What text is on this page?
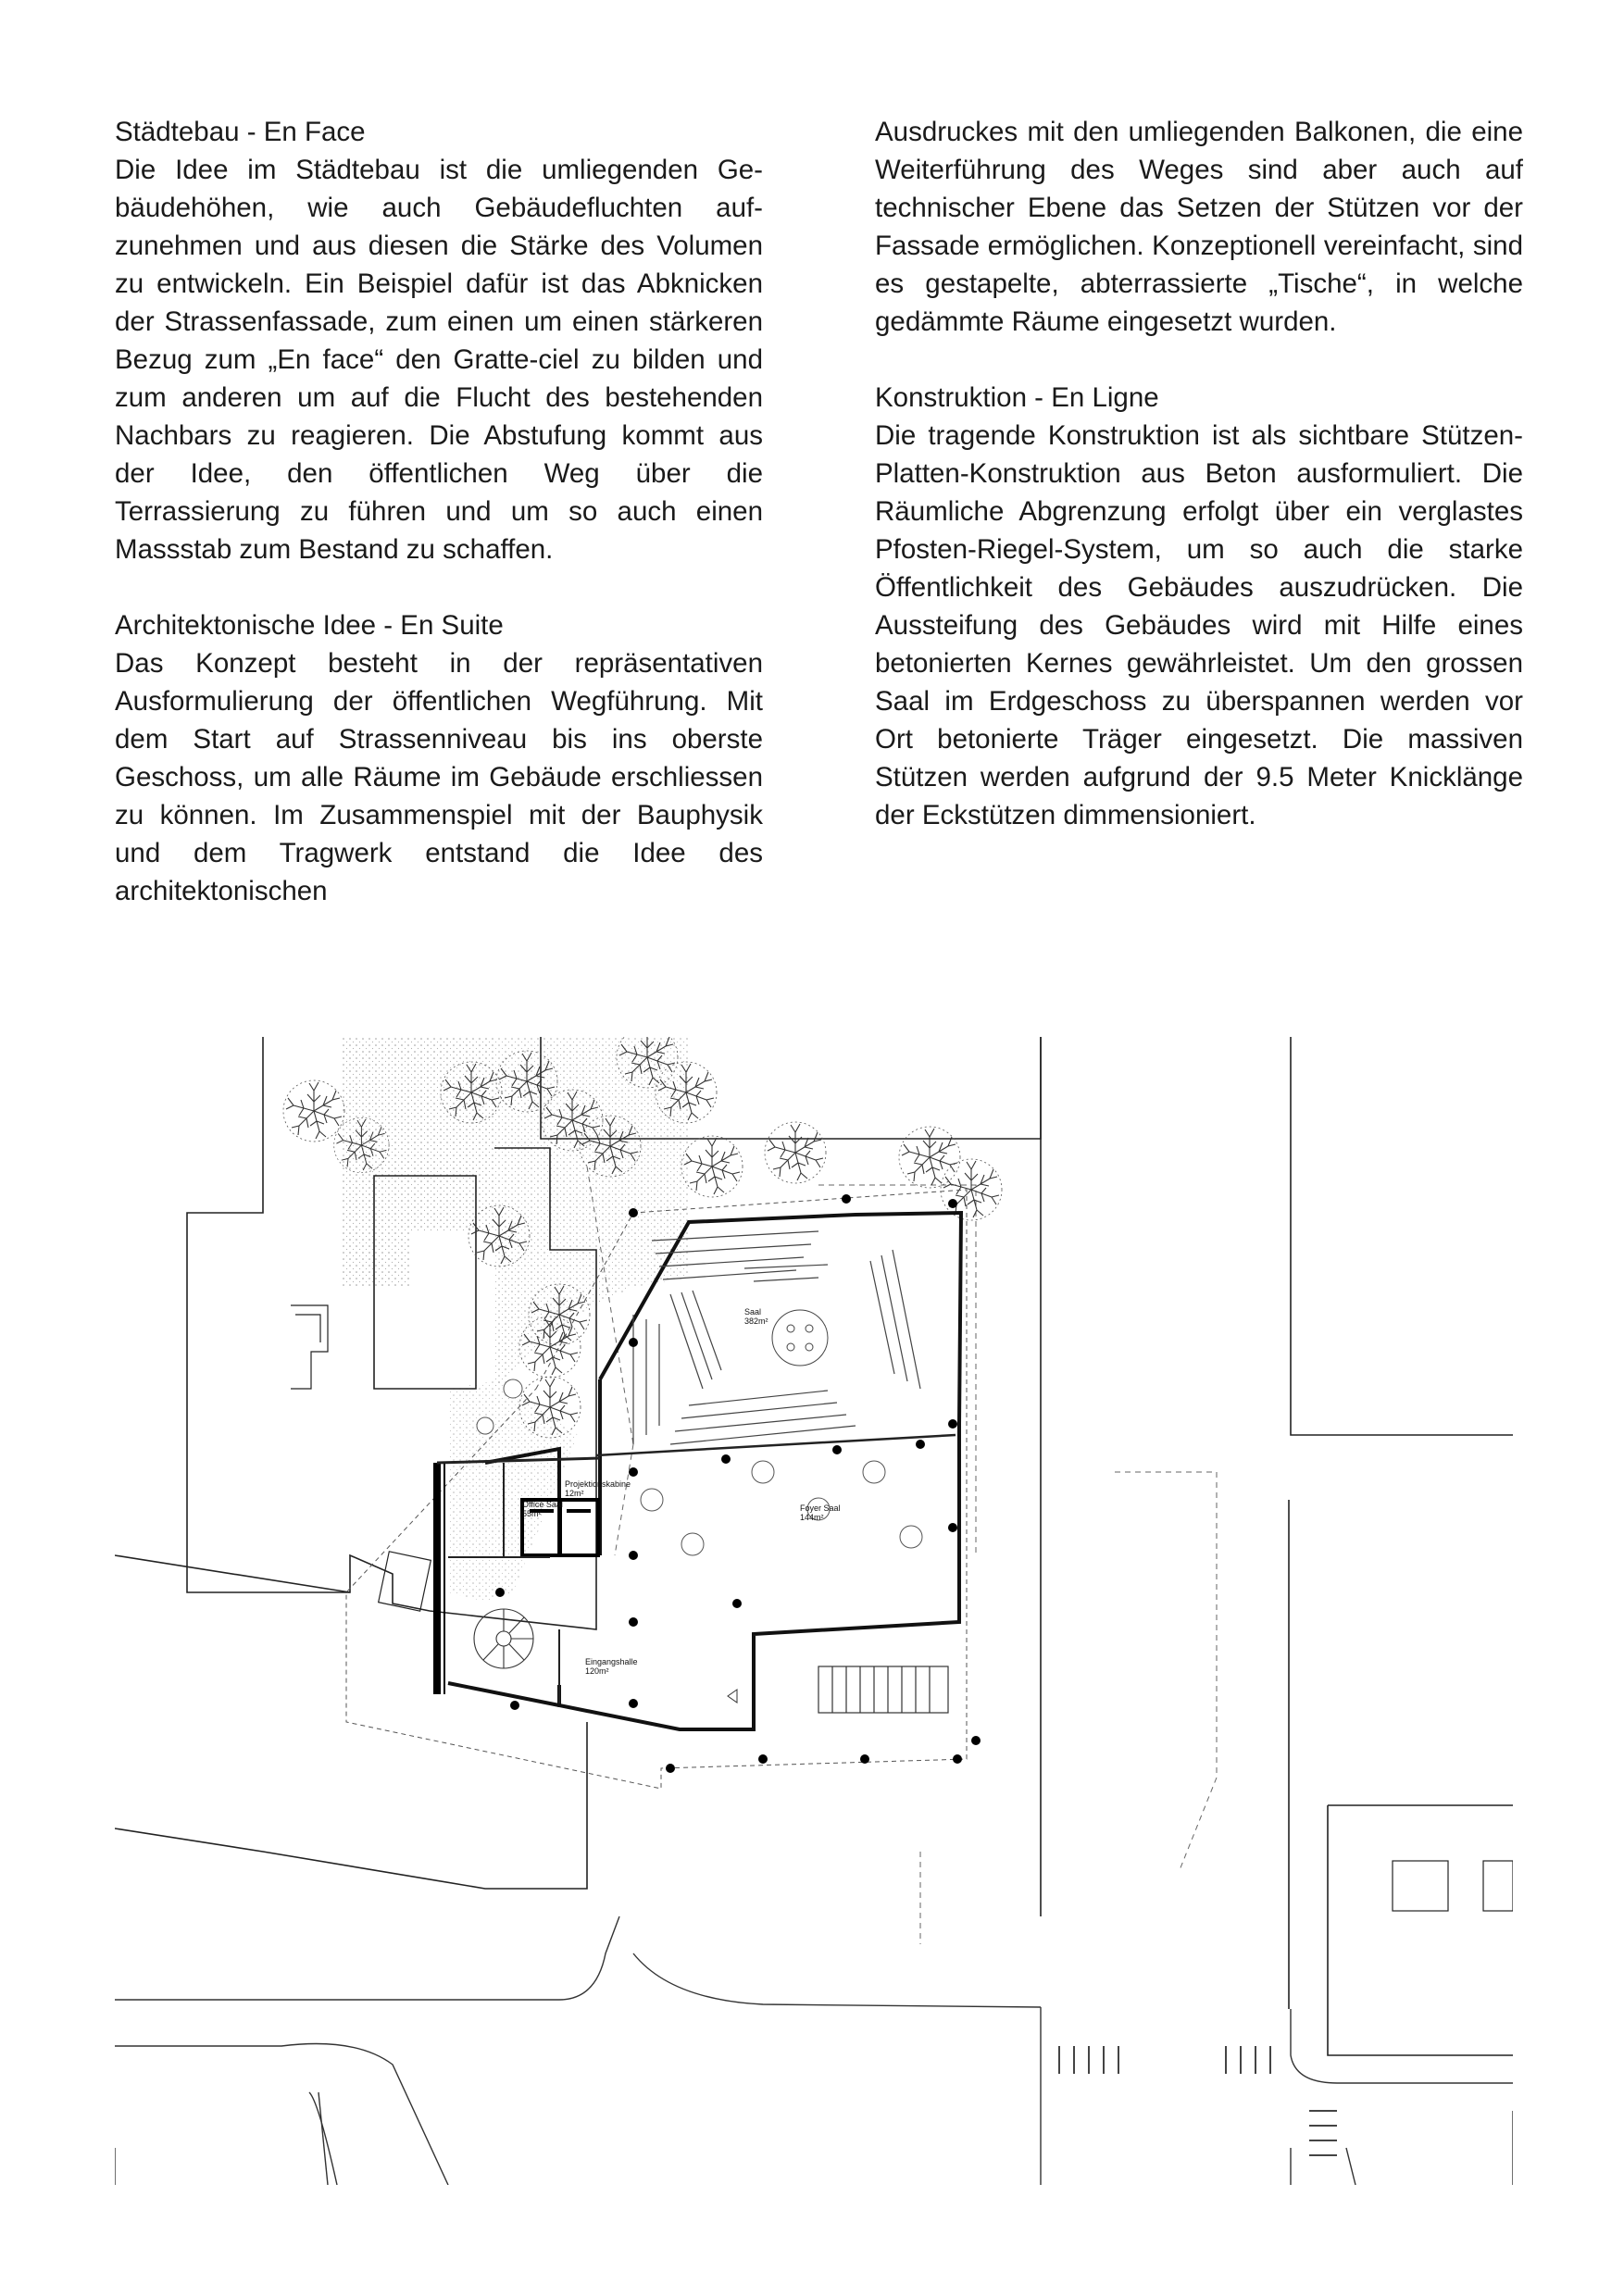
Städtebau - En Face

Die Idee im Städtebau ist die umliegenden Gebäudehöhen, wie auch Gebäudefluchten aufzunehmen und aus diesen die Stärke des Volumen zu entwickeln. Ein Beispiel dafür ist das Abknicken der Strassenfassade, zum einen um einen stärkeren Bezug zum „En face“ den Gratte-ciel zu bilden und zum anderen um auf die Flucht des bestehenden Nachbars zu reagieren. Die Abstufung kommt aus der Idee, den öffentlichen Weg über die Terrassierung zu führen und um so auch einen Massstab zum Bestand zu schaffen.

Architektonische Idee - En Suite

Das Konzept besteht in der repräsentativen Ausformulierung der öffentlichen Wegführung. Mit dem Start auf Strassenniveau bis ins oberste Geschoss, um alle Räume im Gebäude erschliessen zu können. Im Zusammenspiel mit der Bauphysik und dem Tragwerk entstand die Idee des architektonischen

Ausdruckes mit den umliegenden Balkonen, die eine Weiterführung des Weges sind aber auch auf technischer Ebene das Setzen der Stützen vor der Fassade ermöglichen. Konzeptionell vereinfacht, sind es gestapelte, abterrassierte „Tische“, in welche gedämmte Räume eingesetzt wurden.

Konstruktion - En Ligne

Die tragende Konstruktion ist als sichtbare Stützen-Platten-Konstruktion aus Beton ausformuliert. Die Räumliche Abgrenzung erfolgt über ein verglastes Pfosten-Riegel-System, um so auch die starke Öffentlichkeit des Gebäudes auszudrücken. Die Aussteifung des Gebäudes wird mit Hilfe eines betonierten Kernes gewährleistet. Um den grossen Saal im Erdgeschoss zu überspannen werden vor Ort betonierte Träger eingesetzt. Die massiven Stützen werden aufgrund der 9.5 Meter Knicklänge der Eckstützen dimmensioniert.

Saal
382m²
Projektionskabine
12m²
Office Saal
55m²
Foyer Saal
144m²
Eingangshalle
120m²
